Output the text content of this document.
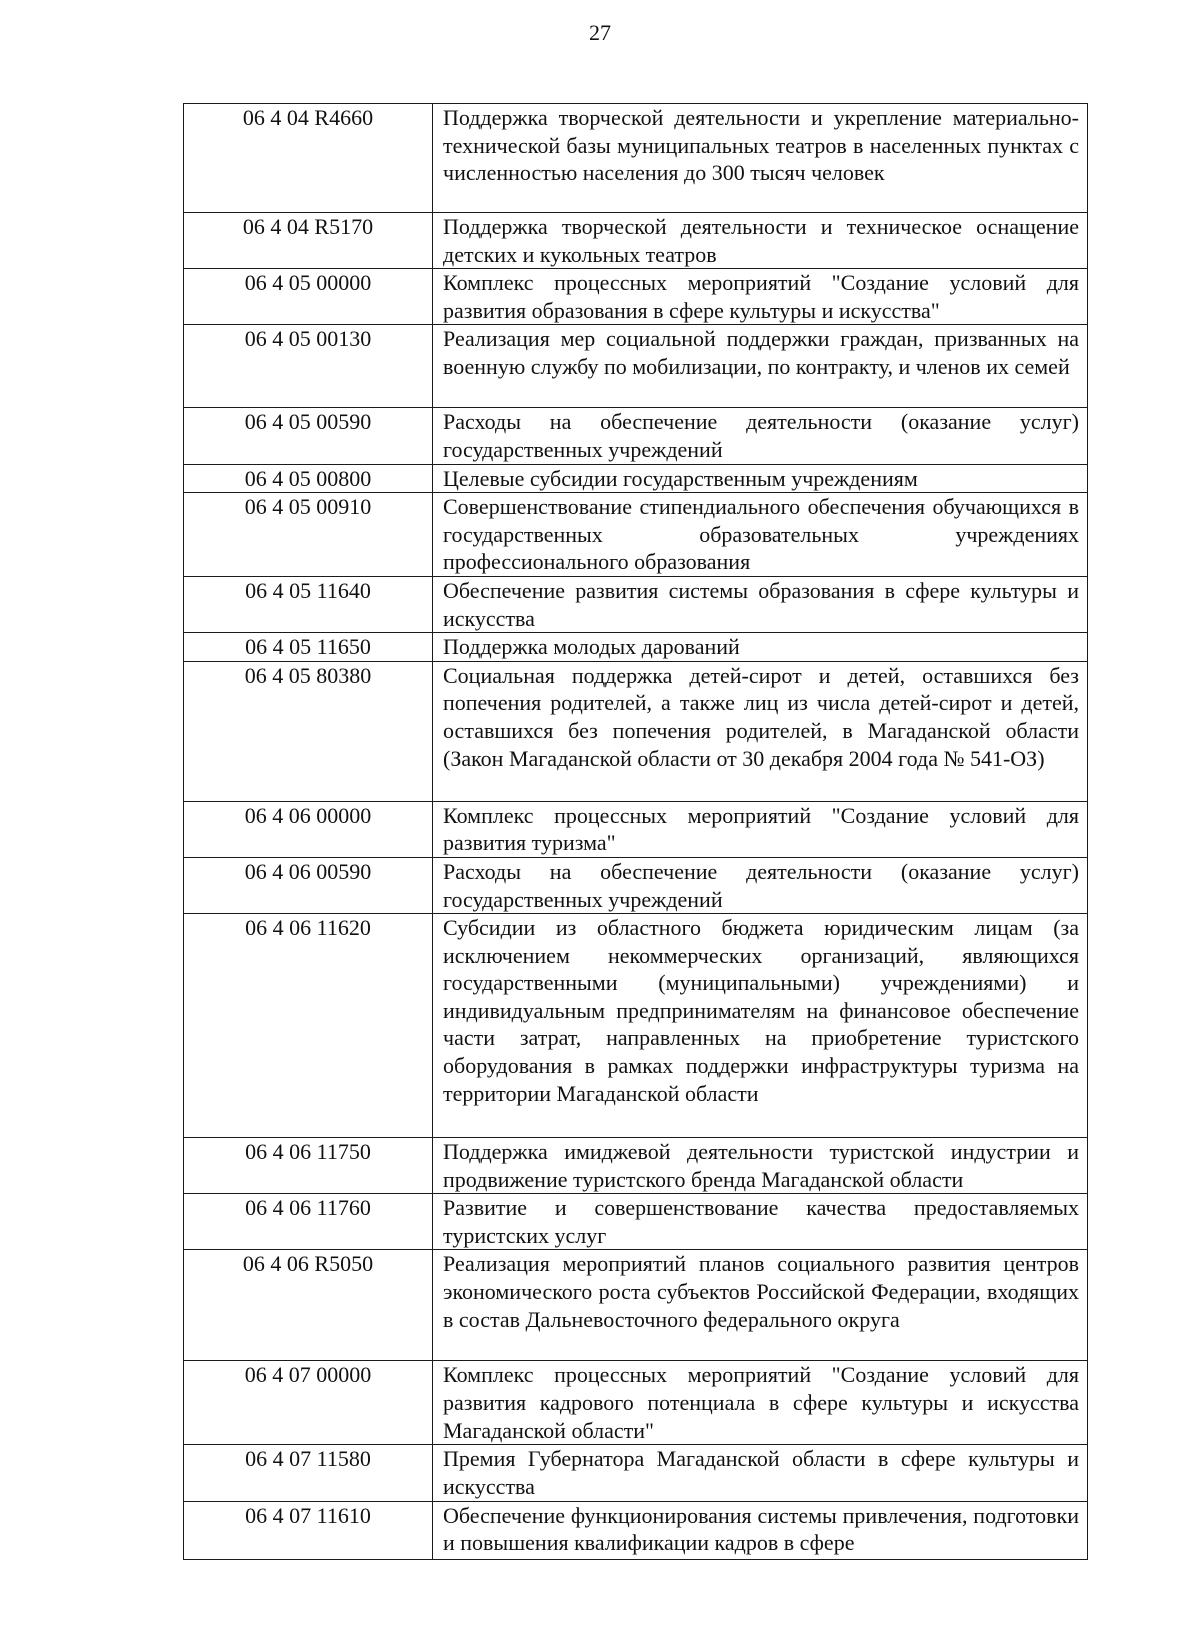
27
06 4 04 R4660	Поддержка творческой деятельности и укрепление материально-технической базы муниципальных театров в населенных пунктах с численностью населения до 300 тысяч человек
06 4 04 R5170	Поддержка творческой деятельности и техническое оснащение детских и кукольных театров
06 4 05 00000	Комплекс процессных мероприятий "Создание условий для развития образования в сфере культуры и искусства"
06 4 05 00130	Реализация мер социальной поддержки граждан, призванных на военную службу по мобилизации, по контракту, и членов их семей
06 4 05 00590	Расходы на обеспечение деятельности (оказание услуг) государственных учреждений
06 4 05 00800	Целевые субсидии государственным учреждениям
06 4 05 00910	Совершенствование стипендиального обеспечения обучающихся в государственных образовательных учреждениях профессионального образования
06 4 05 11640	Обеспечение развития системы образования в сфере культуры и искусства
06 4 05 11650	Поддержка молодых дарований
06 4 05 80380	Социальная поддержка детей-сирот и детей, оставшихся без попечения родителей, а также лиц из числа детей-сирот и детей, оставшихся без попечения родителей, в Магаданской области (Закон Магаданской области от 30 декабря 2004 года № 541-ОЗ)
06 4 06 00000	Комплекс процессных мероприятий "Создание условий для развития туризма"
06 4 06 00590	Расходы на обеспечение деятельности (оказание услуг) государственных учреждений
06 4 06 11620	Субсидии из областного бюджета юридическим лицам (за исключением некоммерческих организаций, являющихся государственными (муниципальными) учреждениями) и индивидуальным предпринимателям на финансовое обеспечение части затрат, направленных на приобретение туристского оборудования в рамках поддержки инфраструктуры туризма на территории Магаданской области
06 4 06 11750	Поддержка имиджевой деятельности туристской индустрии и продвижение туристского бренда Магаданской области
06 4 06 11760	Развитие и совершенствование качества предоставляемых туристских услуг
06 4 06 R5050	Реализация мероприятий планов социального развития центров экономического роста субъектов Российской Федерации, входящих в состав Дальневосточного федерального округа
06 4 07 00000	Комплекс процессных мероприятий "Создание условий для развития кадрового потенциала в сфере культуры и искусства Магаданской области"
06 4 07 11580	Премия Губернатора Магаданской области в сфере культуры и искусства
06 4 07 11610	Обеспечение функционирования системы привлечения, подготовки и повышения квалификации кадров в сфере
